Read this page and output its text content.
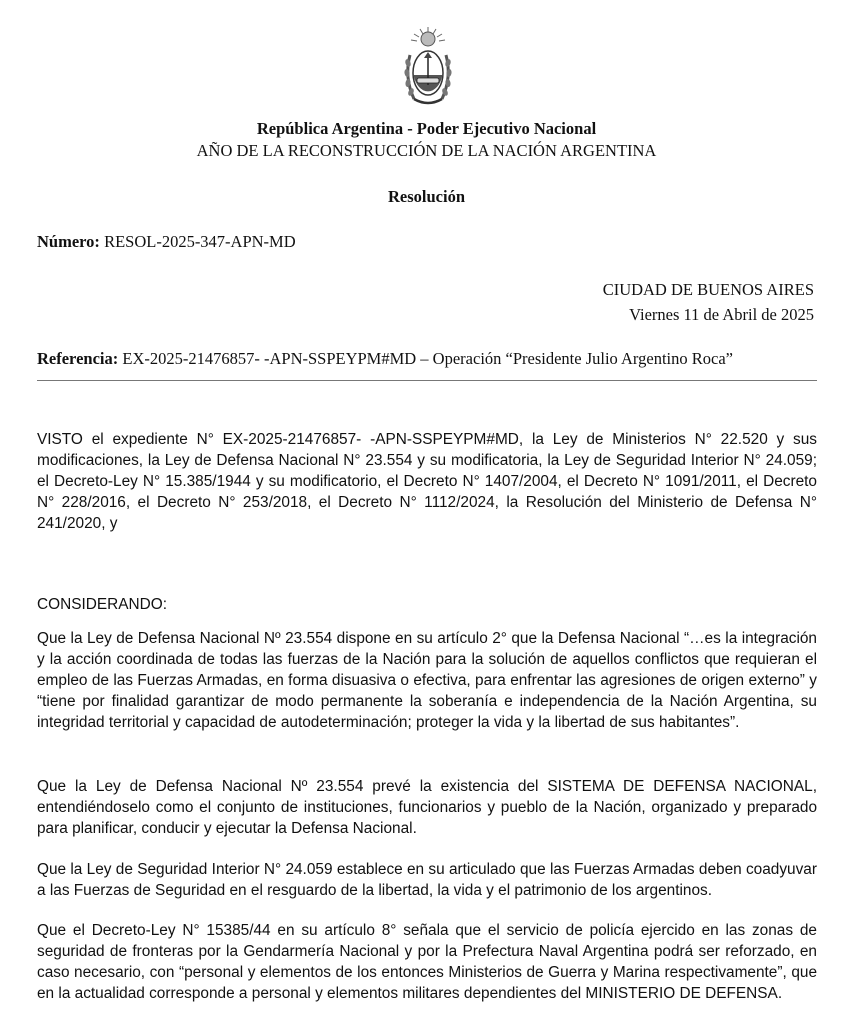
República Argentina - Poder Ejecutivo Nacional
AÑO DE LA RECONSTRUCCIÓN DE LA NACIÓN ARGENTINA
Resolución
Número: RESOL-2025-347-APN-MD
CIUDAD DE BUENOS AIRES
Viernes 11 de Abril de 2025
Referencia: EX-2025-21476857- -APN-SSPEYPM#MD – Operación “Presidente Julio Argentino Roca”

VISTO el expediente N° EX-2025-21476857- -APN-SSPEYPM#MD, la Ley de Ministerios N° 22.520 y sus modificaciones, la Ley de Defensa Nacional N° 23.554 y su modificatoria, la Ley de Seguridad Interior N° 24.059; el Decreto-Ley N° 15.385/1944 y su modificatorio, el Decreto N° 1407/2004, el Decreto N° 1091/2011, el Decreto N° 228/2016, el Decreto N° 253/2018, el Decreto N° 1112/2024, la Resolución del Ministerio de Defensa N° 241/2020, y

CONSIDERANDO:

Que la Ley de Defensa Nacional Nº 23.554 dispone en su artículo 2° que la Defensa Nacional “…es la integración y la acción coordinada de todas las fuerzas de la Nación para la solución de aquellos conflictos que requieran el empleo de las Fuerzas Armadas, en forma disuasiva o efectiva, para enfrentar las agresiones de origen externo” y “tiene por finalidad garantizar de modo permanente la soberanía e independencia de la Nación Argentina, su integridad territorial y capacidad de autodeterminación; proteger la vida y la libertad de sus habitantes”.

Que la Ley de Defensa Nacional Nº 23.554 prevé la existencia del SISTEMA DE DEFENSA NACIONAL, entendiéndoselo como el conjunto de instituciones, funcionarios y pueblo de la Nación, organizado y preparado para planificar, conducir y ejecutar la Defensa Nacional.

Que la Ley de Seguridad Interior N° 24.059 establece en su articulado que las Fuerzas Armadas deben coadyuvar a las Fuerzas de Seguridad en el resguardo de la libertad, la vida y el patrimonio de los argentinos.

Que el Decreto-Ley N° 15385/44 en su artículo 8° señala que el servicio de policía ejercido en las zonas de seguridad de fronteras por la Gendarmería Nacional y por la Prefectura Naval Argentina podrá ser reforzado, en caso necesario, con “personal y elementos de los entonces Ministerios de Guerra y Marina respectivamente”, que en la actualidad corresponde a personal y elementos militares dependientes del MINISTERIO DE DEFENSA.
